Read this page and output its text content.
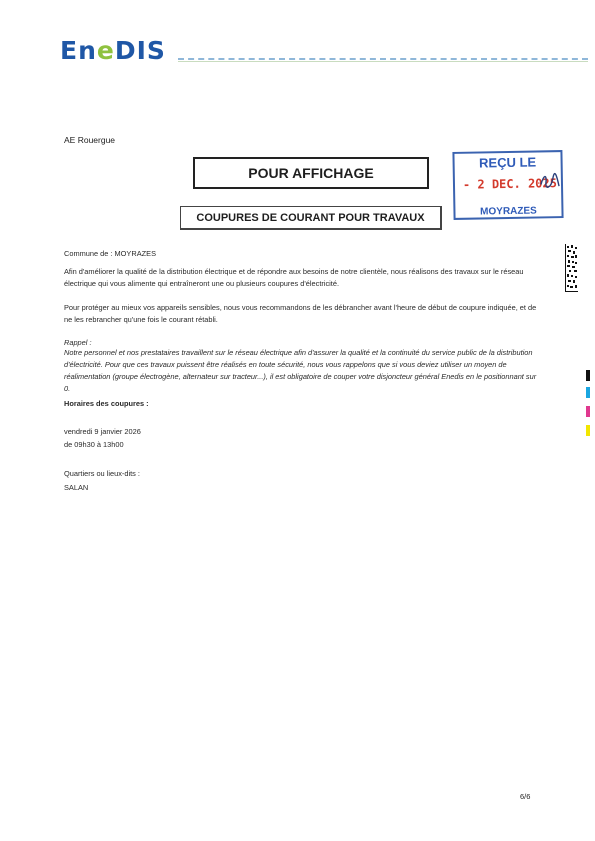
EneDIS
AE Rouergue
POUR AFFICHAGE
COUPURES DE COURANT POUR TRAVAUX
REÇU LE
- 2 DEC. 2025
MOYRAZES
Commune de : MOYRAZES
Afin d'améliorer la qualité de la distribution électrique et de répondre aux besoins de notre clientèle, nous réalisons des travaux sur le réseau électrique qui vous alimente qui entraîneront une ou plusieurs coupures d'électricité.
Pour protéger au mieux vos appareils sensibles, nous vous recommandons de les débrancher avant l'heure de début de coupure indiquée, et de ne les rebrancher qu'une fois le courant rétabli.
Rappel :
Notre personnel et nos prestataires travaillent sur le réseau électrique afin d'assurer la qualité et la continuité du service public de la distribution d'électricité. Pour que ces travaux puissent être réalisés en toute sécurité, nous vous rappelons que si vous deviez utiliser un moyen de réalimentation (groupe électrogène, alternateur sur tracteur...), il est obligatoire de couper votre disjoncteur général Enedis en le positionnant sur 0.
Horaires des coupures :
vendredi 9 janvier 2026
de 09h30 à 13h00
Quartiers ou lieux-dits :
SALAN
6/6
